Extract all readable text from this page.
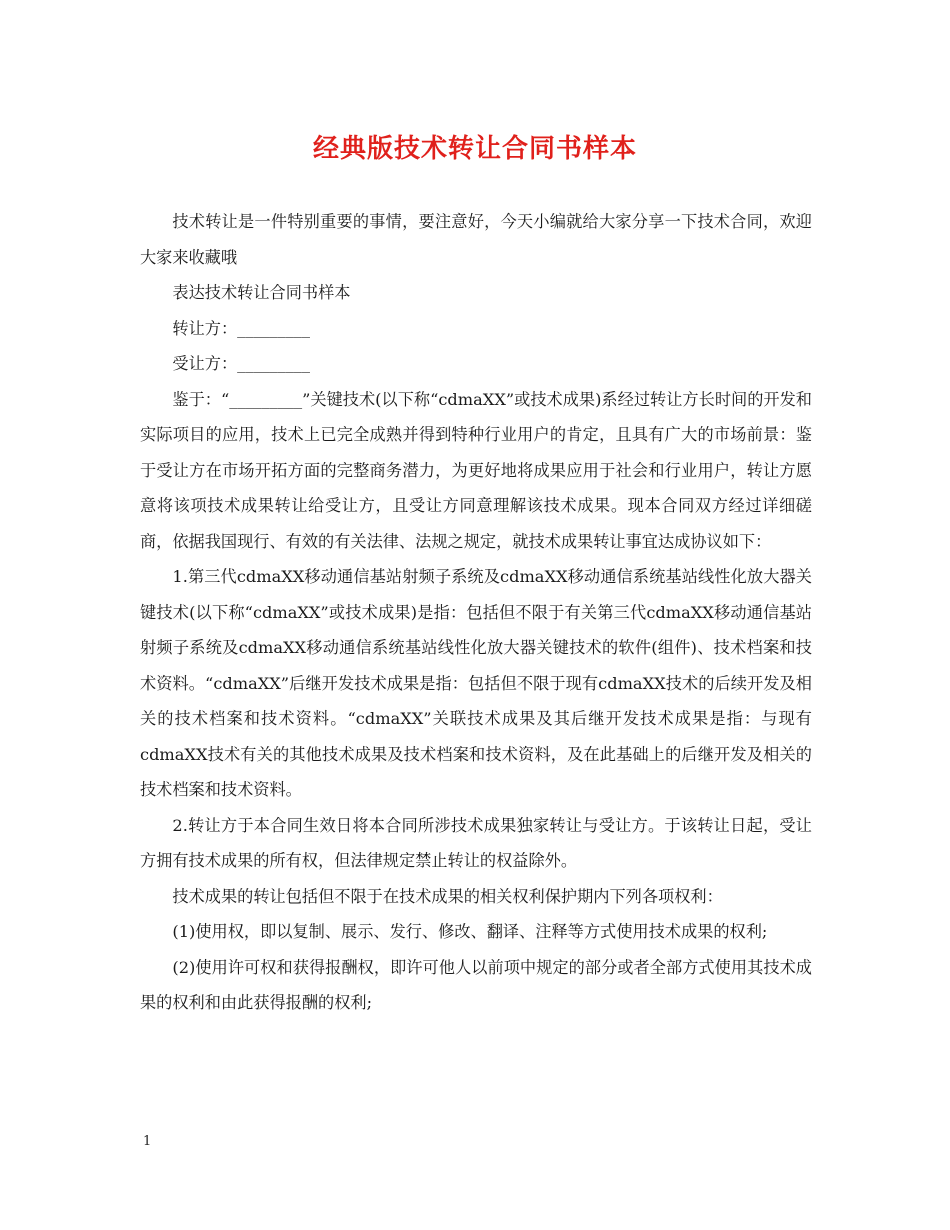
经典版技术转让合同书样本

技术转让是一件特别重要的事情，要注意好，今天小编就给大家分享一下技术合同，欢迎大家来收藏哦

表达技术转让合同书样本

转让方：_________

受让方：_________

鉴于：“_________”关键技术(以下称“cdmaXX”或技术成果)系经过转让方长时间的开发和实际项目的应用，技术上已完全成熟并得到特种行业用户的肯定，且具有广大的市场前景：鉴于受让方在市场开拓方面的完整商务潜力，为更好地将成果应用于社会和行业用户，转让方愿意将该项技术成果转让给受让方，且受让方同意理解该技术成果。现本合同双方经过详细磋商，依据我国现行、有效的有关法律、法规之规定，就技术成果转让事宜达成协议如下：

1.第三代cdmaXX移动通信基站射频子系统及cdmaXX移动通信系统基站线性化放大器关键技术(以下称“cdmaXX”或技术成果)是指：包括但不限于有关第三代cdmaXX移动通信基站射频子系统及cdmaXX移动通信系统基站线性化放大器关键技术的软件(组件)、技术档案和技术资料。“cdmaXX”后继开发技术成果是指：包括但不限于现有cdmaXX技术的后续开发及相关的技术档案和技术资料。“cdmaXX”关联技术成果及其后继开发技术成果是指：与现有cdmaXX技术有关的其他技术成果及技术档案和技术资料，及在此基础上的后继开发及相关的技术档案和技术资料。

2.转让方于本合同生效日将本合同所涉技术成果独家转让与受让方。于该转让日起，受让方拥有技术成果的所有权，但法律规定禁止转让的权益除外。

技术成果的转让包括但不限于在技术成果的相关权利保护期内下列各项权利：

(1)使用权，即以复制、展示、发行、修改、翻译、注释等方式使用技术成果的权利;

(2)使用许可权和获得报酬权，即许可他人以前项中规定的部分或者全部方式使用其技术成果的权利和由此获得报酬的权利;

1
